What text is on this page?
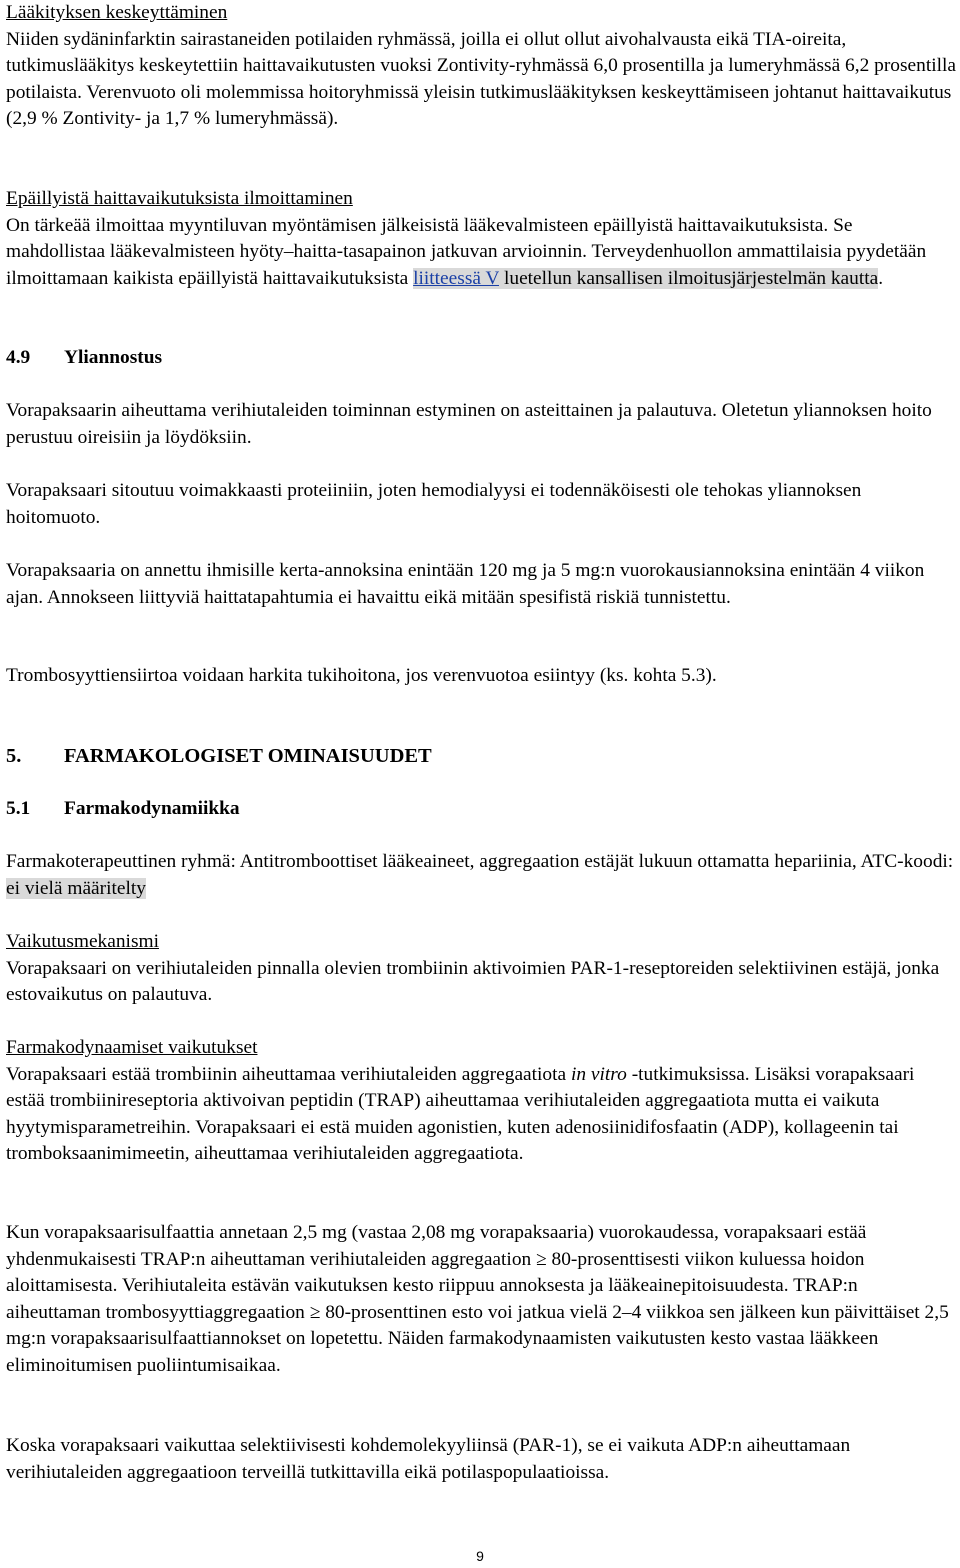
Lääkityksen keskeyttäminen
Niiden sydäninfarktin sairastaneiden potilaiden ryhmässä, joilla ei ollut ollut aivohalvausta eikä TIA-oireita, tutkimuslääkitys keskeytettiin haittavaikutusten vuoksi Zontivity-ryhmässä 6,0 prosentilla ja lumeryhmässä 6,2 prosentilla potilaista. Verenvuoto oli molemmissa hoitoryhmissä yleisin tutkimuslääkityksen keskeyttämiseen johtanut haittavaikutus (2,9 % Zontivity- ja 1,7 % lumeryhmässä).
Epäillyistä haittavaikutuksista ilmoittaminen
On tärkeää ilmoittaa myyntiluvan myöntämisen jälkeisistä lääkevalmisteen epäillyistä haittavaikutuksista. Se mahdollistaa lääkevalmisteen hyöty–haitta-tasapainon jatkuvan arvioinnin. Terveydenhuollon ammattilaisia pyydetään ilmoittamaan kaikista epäillyistä haittavaikutuksista liitteessä V luetellun kansallisen ilmoitusjärjestelmän kautta.
4.9 Yliannostus
Vorapaksaarin aiheuttama verihiutaleiden toiminnan estyminen on asteittainen ja palautuva. Oletetun yliannoksen hoito perustuu oireisiin ja löydöksiin.
Vorapaksaari sitoutuu voimakkaasti proteiiniin, joten hemodialyysi ei todennäköisesti ole tehokas yliannoksen hoitomuoto.
Vorapaksaaria on annettu ihmisille kerta-annoksina enintään 120 mg ja 5 mg:n vuorokausiannoksina enintään 4 viikon ajan. Annokseen liittyviä haittatapahtumia ei havaittu eikä mitään spesifistä riskiä tunnistettu.
Trombosyyttiensiirtoa voidaan harkita tukihoitona, jos verenvuotoa esiintyy (ks. kohta 5.3).
5. FARMAKOLOGISET OMINAISUUDET
5.1 Farmakodynamiikka
Farmakoterapeuttinen ryhmä: Antitromboottiset lääkeaineet, aggregaation estäjät lukuun ottamatta hepariinia, ATC-koodi: ei vielä määritelty
Vaikutusmekanismi
Vorapaksaari on verihiutaleiden pinnalla olevien trombiinin aktivoimien PAR-1-reseptoreiden selektiivinen estäjä, jonka estovaikutus on palautuva.
Farmakodynaamiset vaikutukset
Vorapaksaari estää trombiinin aiheuttamaa verihiutaleiden aggregaatiota in vitro -tutkimuksissa. Lisäksi vorapaksaari estää trombiinireseptoria aktivoivan peptidin (TRAP) aiheuttamaa verihiutaleiden aggregaatiota mutta ei vaikuta hyytymisparametreihin. Vorapaksaari ei estä muiden agonistien, kuten adenosiinidifosfaatin (ADP), kollageenin tai tromboksaanimimeetin, aiheuttamaa verihiutaleiden aggregaatiota.
Kun vorapaksaarisulfaattia annetaan 2,5 mg (vastaa 2,08 mg vorapaksaaria) vuorokaudessa, vorapaksaari estää yhdenmukaisesti TRAP:n aiheuttaman verihiutaleiden aggregaation ≥ 80-prosenttisesti viikon kuluessa hoidon aloittamisesta. Verihiutaleita estävän vaikutuksen kesto riippuu annoksesta ja lääkeainepitoisuudesta. TRAP:n aiheuttaman trombosyyttiaggregaation ≥ 80-prosenttinen esto voi jatkua vielä 2–4 viikkoa sen jälkeen kun päivittäiset 2,5 mg:n vorapaksaarisulfaattiannokset on lopetettu. Näiden farmakodynaamisten vaikutusten kesto vastaa lääkkeen eliminoitumisen puoliintumisaikaa.
Koska vorapaksaari vaikuttaa selektiivisesti kohdemolekyyliinsä (PAR-1), se ei vaikuta ADP:n aiheuttamaan verihiutaleiden aggregaatioon terveillä tutkittavilla eikä potilaspopulaatioissa.
9
